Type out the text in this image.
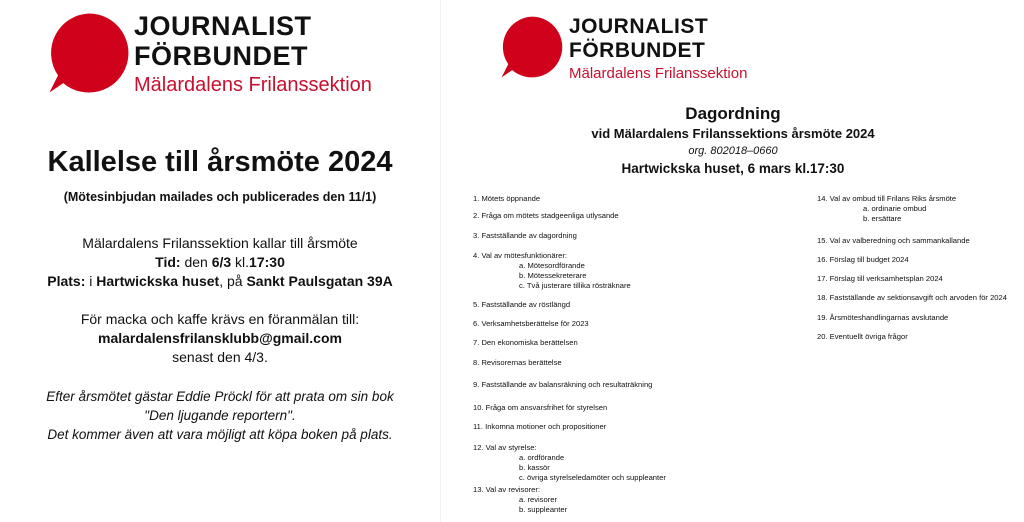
JOURNALIST
FÖRBUNDET
Mälardalens Frilanssektion
Kallelse till årsmöte 2024
(Mötesinbjudan mailades och publicerades den 11/1)
Mälardalens Frilanssektion kallar till årsmöte
Tid: den 6/3 kl.17:30
Plats: i Hartwickska huset, på Sankt Paulsgatan 39A
För macka och kaffe krävs en föranmälan till:
malardalensfrilansklubb@gmail.com
senast den 4/3.
Efter årsmötet gästar Eddie Pröckl för att prata om sin bok
"Den ljugande reportern".
Det kommer även att vara möjligt att köpa boken på plats.
JOURNALIST
FÖRBUNDET
Mälardalens Frilanssektion
Dagordning
vid Mälardalens Frilanssektions årsmöte 2024
org. 802018–0660
Hartwickska huset, 6 mars kl.17:30
1. Mötets öppnande
2. Fråga om mötets stadgeenliga utlysande
3. Fastställande av dagordning
4. Val av mötesfunktionärer:
a. Mötesordförande
b. Mötessekreterare
c. Två justerare tillika rösträknare
5. Fastställande av röstlängd
6. Verksamhetsberättelse för 2023
7. Den ekonomiska berättelsen
8. Revisorernas berättelse
9. Fastställande av balansräkning och resultaträkning
10. Fråga om ansvarsfrihet för styrelsen
11. Inkomna motioner och propositioner
12. Val av styrelse:
a. ordförande
b. kassör
c. övriga styrelseledamöter och suppleanter
13. Val av revisorer:
a. revisorer
b. suppleanter
14. Val av ombud till Frilans Riks årsmöte
a. ordinarie ombud
b. ersättare
15. Val av valberedning och sammankallande
16. Förslag till budget 2024
17. Förslag till verksamhetsplan 2024
18. Fastställande av sektionsavgift och arvoden för 2024
19. Årsmöteshandlingarnas avslutande
20. Eventuellt övriga frågor
